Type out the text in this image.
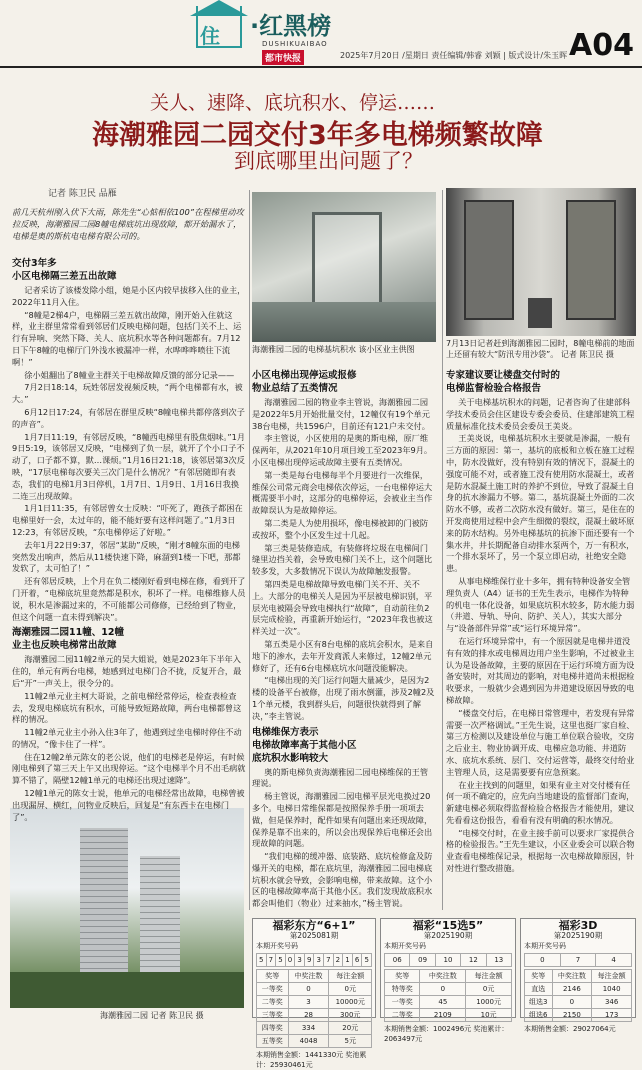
住 ·红黑榜
DUSHIKUAIBAO
都市快报	2025年7月20日 /星期日 责任编辑/韩睿 刘颖 | 版式设计/朱玉晖 A04
关人、速降、底坑积水、停运……
海潮雅园二园交付3年多电梯频繁故障
到底哪里出问题了？
记者 陈卫民 品雁
前几天杭州刚入伏下大雨，陈先生“心惦相依100”在程梯里动攻拉反映，海潮雅园二园8幢电梯底坑出现故障，都开始漏水了，电梯是奥的斯杭电电梯有限公司的。
海潮雅园二园的电梯基坑积水 该小区业主供图
7月13日记者赶到海潮雅园二园时，8幢电梯前的地面上还留有较大“防汛专用沙袋”。 记者 陈卫民 摄
海潮雅园二园 记者 陈卫民 摄
交付3年多
小区电梯隔三差五出故障

记者采访了该楼发除小组，她是小区内较早拔移入住的业主，2022年11月入住。

“8幢是2梯4户，电梯隔三差五就出故障，刚开始入住就这样，业主群里常常看到邻居们反映电梯问题，包括门关不上、运行有异响、突然下降、关人、底坑积水等各种问题都有。7月12日下午8幢的电梯厅门外浅水被漏冲一样，水哗哗哗喷往下流啊！”

徐小姐翻出了8幢业主群关于电梯故障反馈的部分记录——

7月2日18:14，玩姓邻居发视频反映，“两个电梯都有水，被大。”

6月12日17:24，有邻居在群里反映“8幢电梯共都停落到次子的声音”。

1月7日11:19，有邻居反映，“8幢西电梯里有股焦烟味。”1月9日5:19，该邻居又反映，“电梯到了负一层，就开了个小口子不动了，口子都不算，默…课烦。”1月16日21:18，该邻居第3次反映，“17层电梯每次要关三次门是什么情况？”有邻居随即有表态，我们的电梯1月3日停机，1月7日、1月9日、1月16日我换二连三出现故障。

1月1日11:35，有邻居曾女士反映：“吓死了，跑孩子都困在电梯里好一会，太过年的，能不能好要有这样问题了。”1月3日12:23，有邻居反映，“东电梯停运了好啦。”

去年1月22日9:37，邻居“某助”反映，“刚才8幢东面的电梯突然发出响声，然后从11楼快速下降，麻溜到1楼一下吧，那都发软了，太可怕了！”

还有邻居反映，上个月在负二楼刚好看到电梯在修，看到开了门开着，“电梯底坑里竟然都是积水，积坏了一样。电梯维修人员说，积水是渗漏过来的，不可能都公司修修，已经给到了物业，但这个问题一直未得到解决”。

海潮雅园二园11幢、12幢
业主也反映电梯常出故障

海潮雅园二园11幢2单元的吴大姐说，她是2023年下半年入住的，单元有两台电梯，她感到过电梯门合不拢，反复开合，最后“开”一声关上，很令分的。

11幢2单元业主柯大哥说，之前电梯经常停运，检查表检查去，发现电梯底坑有积水，可能导致短路故障，两台电梯都曾这样的情况。

11幢2单元业主小孙入住3年了，他遇到过坐电梯时停住不动的情况，“像卡住了一样”。

住在12幢2单元陈女的老公说，他们的电梯老是停运，有时候刚电梯到了第三天上午又出现停运。“这个电梯半个月不出毛病就算不错了，隔壁12幢1单元的电梯还出现过速降”。

12幢1单元的陈女士说，他单元的电梯经常出故障，电梯曾被出现漏屏、横红，问物业反映后，回复是“有东西卡在电梯门了”。

小区电梯出现停运或报修
物业总结了五类情况

海潮雅园二园的物业李主管说，海潮雅园二园是2022年5月开始批量交付，12幢仅有19个单元38台电梯，共1596户，目前还有121户未交付。

李主管说，小区使用的是奥的斯电梯，原厂维保两年，从2021年10月项目竣工至2023年9月。小区电梯出现停运或故障主要有五类情况。

第一类是每台电梯每半个月要进行一次维保，维保公司常元商会电梯依次停运，一台电梯停运大概需要半小时，这部分的电梯停运，会被业主当作故障误认为是故障停运。

第二类是人为使用损坏，像电梯被卸的门被防或按坏，整个小区发生过十几起。

第三类是装修造成，有装修将垃圾在电梯间门缝里边挡关着，会导致电梯门关不上，这个问题比较多发，大多数情况下误认为故障触发报警。

第四类是电梯故障导致电梯门关不开、关不上。大部分的电梯关人是因为平层被电梯识别，平层光电被隔会导致电梯执行“故障”，自动前往负2层完成检验，再重新开始运行，“2023年我也被这样关过一次”。

第五类是小区有8台电梯的底坑会积水，是来自地下的渗水，去年开发商派人来修过，12幢2单元修好了，还有6台电梯底坑水问题没能解决。

“电梯出现的关门运行问题大量减少，是因为2楼的设备平台被修，出现了雨水倒灌，涉及2幢2及1个单元楼，我到群头后，问题很快就得到了解决，”李主管说。

电梯维保方表示
电梯故障率高于其他小区
底坑积水影响较大

奥的斯电梯负责海潮雅园二园电梯维保的王管理说。

杨主管说，海潮雅园二园电梯平层光电换过20多个。电梯日常维保都是按照保养手册一项项去做，但是保养时，配件如果有问题出来还现故障，保养是靠不出来的，所以会出现保养后电梯还会出现故障的问题。

“我们电梯的缓冲器、底装路、底坑检修盒及防爆开关的电梯，都在底坑里，海潮雅园二园电梯底坑积水就会导致，会影响电梯，带来故障。这个小区的电梯故障率高于其他小区。我们发现故底积水都会叫他们（物业）过来抽水，”杨主管说。

专家建议要让楼盘交付时的
电梯监督检验合格报告

关于电梯基坑积水的问题，记者咨询了住建部科学技术委员会住区建设专委会委员、住建部建筑工程质量标准化技术委员会委员王美炎。

王美炎说，电梯基坑积水主要就是渗漏，一般有三方面的原因：第一，基坑的底板和立板在施工过程中，防水没做好，没有特别有效的情况下，混凝土的强度可能不对，或者施工没有使用防水混凝土，或者是防水混凝土施工时的养护不到位，导致了混凝土自身的抗水渗漏力不够。第二，基坑混凝土外面的二次防水不够，或者二次防水没有做好。第三，是住在的开发商使用过程中会产生细微的裂纹，混凝土破坏原来的防水结构。另外电梯基坑的抗渗下面还要有一个集水井，井长期配备自动排水泵两个，万一有积水，一个排水泵坏了，另一个泵立即启动，社绝安全隐患。

从事电梯维保行业十多年，拥有特种设备安全管理负责人（A4）证书的王先生表示，电梯作为特种的机电一体化设备，如果底坑积水较多，防水能力弱（井道、导轨、导向、防护、关人），其实大部分与“设备部件异常”或“运行环境异常”。

在运行环境异常中，有一个原因就是电梯井道没有有效的排水或电梯周边用户坐生影响，不过被业主认为是设备故障，主要的原因在于运行环境方面为设备安装时，对其周边的影响，对电梯井道尚未根据检收要求，一般就少会遇到因为井道建设原因导致的电梯故障。

“楼盘交付后，在电梯日常管理中，若发现有异常需要一次严格调试。”王先生说，这里也挺厂家自检、第三方检测以及建设单位与施工单位联合验收，交房之后业主、物业协调开成、电梯应急功能、井道防水、底坑水系统、层门、交付运营等，最终交付给业主管理人员，这是需要要有应急预案。

在业主找到的问题里，如果有业主对交付楼有任何一项不确定的，应先向当地建设的监督部门查询，新建电梯必须取得监督检验合格报告才能使用，建议先看看这份报告，看看有没有明确的积水情况。

“电梯交付时，在业主接手前可以要求厂家提供合格的检验报告。”王先生建议，小区业委会可以联合物业查看电梯维保记录，根据每一次电梯故障原因，针对性进行整改措施。

福彩东方“6+1”
第2025081期
本期开奖号码
5	7	5	0	3	9	3	7	2	1	6	5
奖等	中奖注数	每注金额
一等奖	0	0元
二等奖	3	10000元
三等奖	28	300元
四等奖	334	20元
五等奖	4048	5元
本期销售金额：1441330元 奖池累计：25930461元
福彩“15选5”
第2025190期
本期开奖号码
06	09	10	12	13
奖等	中奖注数	每注金额
特等奖	0	0元
一等奖	45	1000元
二等奖	2109	10元
本期销售金额：1002496元 奖池累计：2063497元
福彩3D
第2025190期
本期开奖号码
0	7	4
奖等	中奖注数	每注金额
直选	2146	1040
组选3	0	346
组选6	2150	173
本期销售金额：29027064元
